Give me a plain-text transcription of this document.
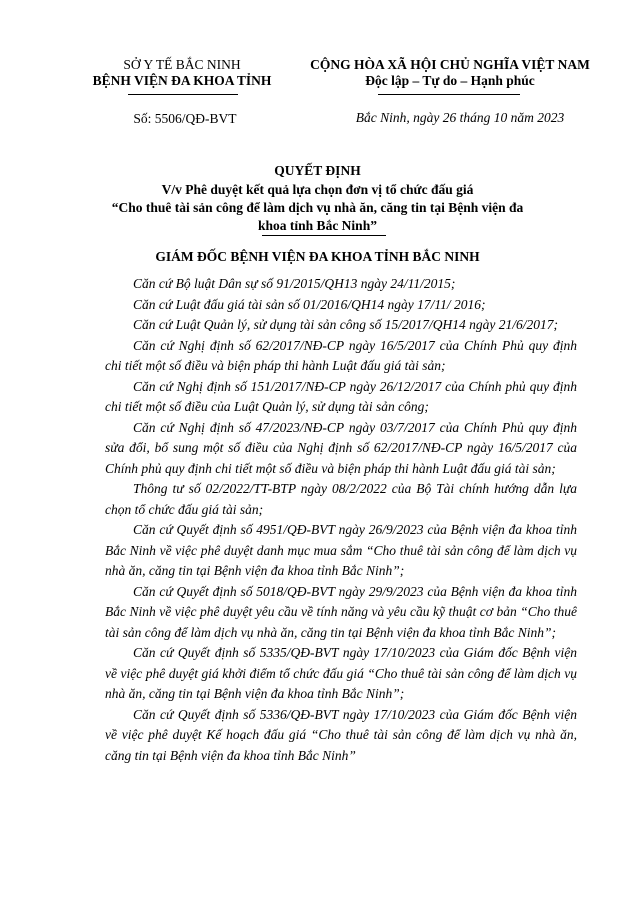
SỞ Y TẾ BẮC NINH
BỆNH VIỆN ĐA KHOA TỈNH
Số: 5506/QĐ-BVT
CỘNG HÒA XÃ HỘI CHỦ NGHĨA VIỆT NAM
Độc lập – Tự do – Hạnh phúc
Bắc Ninh, ngày 26 tháng 10 năm 2023
QUYẾT ĐỊNH
V/v Phê duyệt kết quả lựa chọn đơn vị tổ chức đấu giá
“Cho thuê tài sản công để làm dịch vụ nhà ăn, căng tin tại Bệnh viện đa
khoa tỉnh Bắc Ninh”
GIÁM ĐỐC BỆNH VIỆN ĐA KHOA TỈNH BẮC NINH

Căn cứ Bộ luật Dân sự số 91/2015/QH13 ngày 24/11/2015;

Căn cứ Luật đấu giá tài sản số 01/2016/QH14 ngày 17/11/ 2016;

Căn cứ Luật Quản lý, sử dụng tài sản công số 15/2017/QH14 ngày 21/6/2017;

Căn cứ Nghị định số 62/2017/NĐ-CP ngày 16/5/2017 của Chính Phủ quy định chi tiết một số điều và biện pháp thi hành Luật đấu giá tài sản;

Căn cứ Nghị định số 151/2017/NĐ-CP ngày 26/12/2017 của Chính phủ quy định chi tiết một số điều của Luật Quản lý, sử dụng tài sản công;

Căn cứ Nghị định số 47/2023/NĐ-CP ngày 03/7/2017 của Chính Phủ quy định sửa đổi, bổ sung một số điều của Nghị định số 62/2017/NĐ-CP ngày 16/5/2017 của Chính phủ quy định chi tiết một số điều và biện pháp thi hành Luật đấu giá tài sản;

Thông tư số 02/2022/TT-BTP ngày 08/2/2022 của Bộ Tài chính hướng dẫn lựa chọn tổ chức đấu giá tài sản;

Căn cứ Quyết định số 4951/QĐ-BVT ngày 26/9/2023 của Bệnh viện đa khoa tỉnh Bắc Ninh về việc phê duyệt danh mục mua sắm “Cho thuê tài sản công để làm dịch vụ nhà ăn, căng tin tại Bệnh viện đa khoa tỉnh Bắc Ninh”;

Căn cứ Quyết định số 5018/QĐ-BVT ngày 29/9/2023 của Bệnh viện đa khoa tỉnh Bắc Ninh về việc phê duyệt yêu cầu về tính năng và yêu cầu kỹ thuật cơ bản “Cho thuê tài sản công để làm dịch vụ nhà ăn, căng tin tại Bệnh viện đa khoa tỉnh Bắc Ninh”;

Căn cứ Quyết định số 5335/QĐ-BVT ngày 17/10/2023 của Giám đốc Bệnh viện về việc phê duyệt giá khởi điểm tổ chức đấu giá “Cho thuê tài sản công để làm dịch vụ nhà ăn, căng tin tại Bệnh viện đa khoa tỉnh Bắc Ninh”;

Căn cứ Quyết định số 5336/QĐ-BVT ngày 17/10/2023 của Giám đốc Bệnh viện về việc phê duyệt Kế hoạch đấu giá “Cho thuê tài sản công để làm dịch vụ nhà ăn, căng tin tại Bệnh viện đa khoa tỉnh Bắc Ninh”
